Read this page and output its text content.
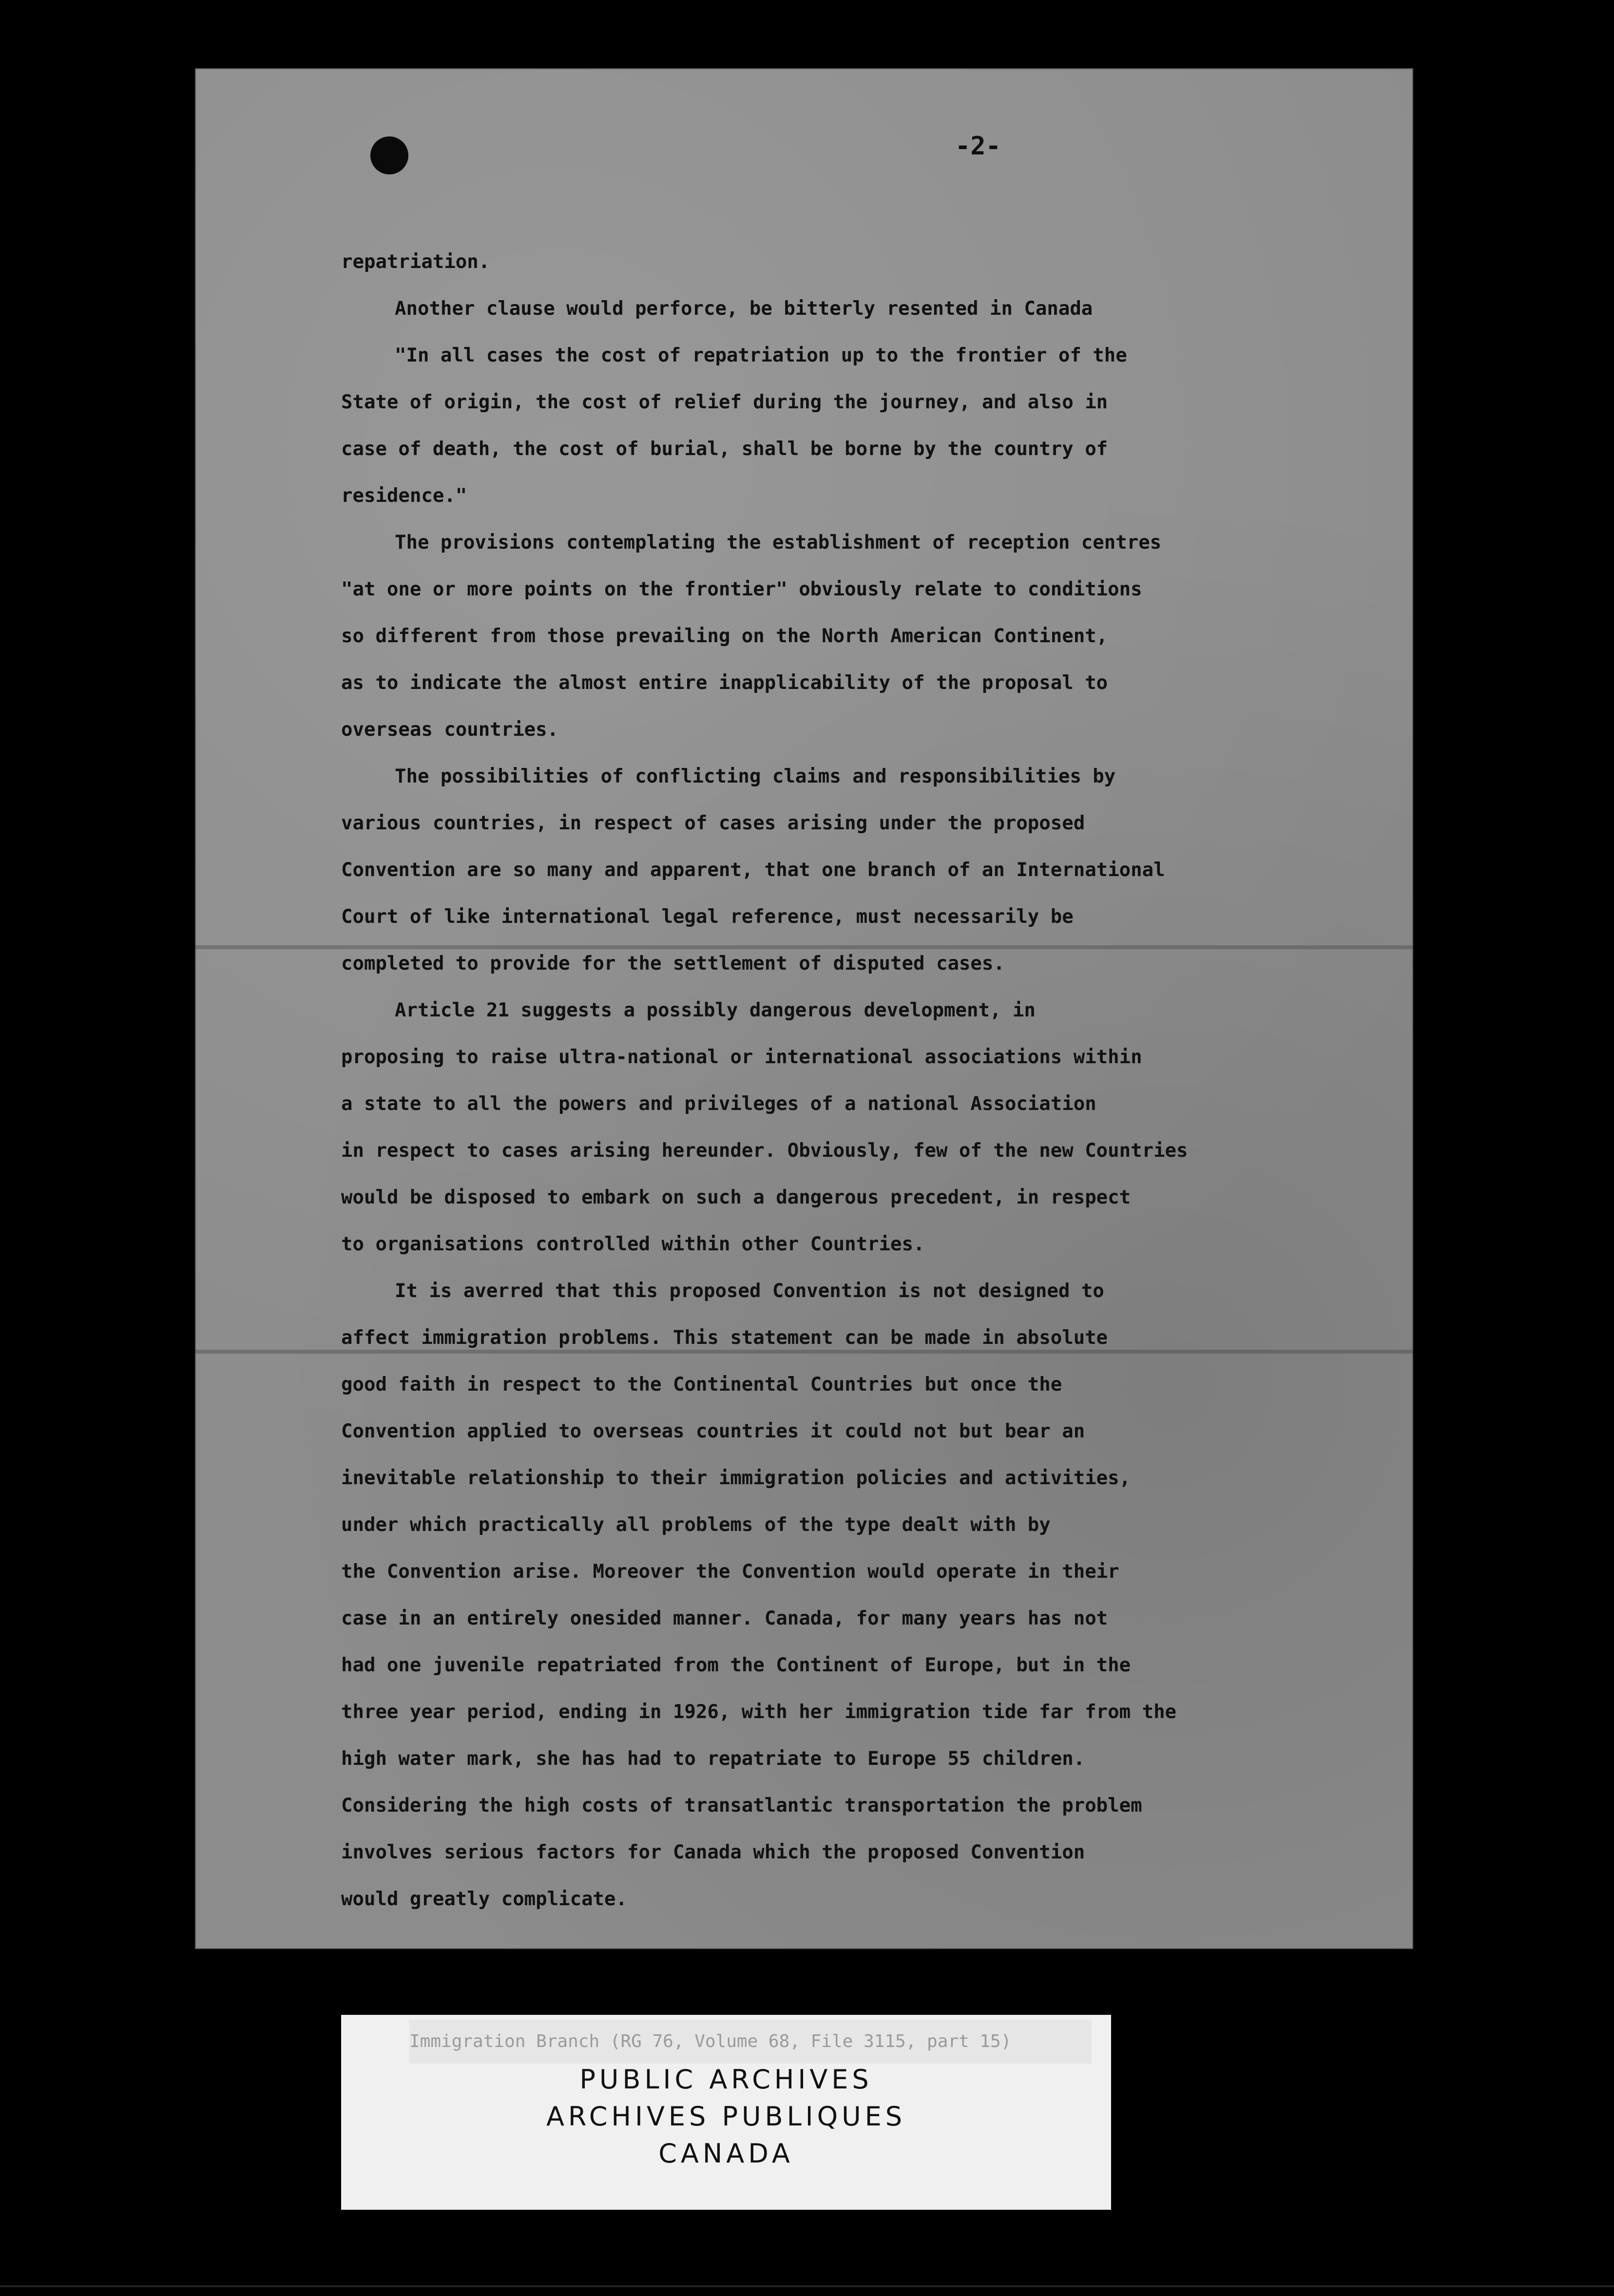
-2-

repatriation.

Another clause would perforce, be bitterly resented in Canada

"In all cases the cost of repatriation up to the frontier of the

State of origin, the cost of relief during the journey, and also in

case of death, the cost of burial, shall be borne by the country of

residence."

The provisions contemplating the establishment of reception centres

"at one or more points on the frontier" obviously relate to conditions

so different from those prevailing on the North American Continent,

as to indicate the almost entire inapplicability of the proposal to

overseas countries.

The possibilities of conflicting claims and responsibilities by

various countries, in respect of cases arising under the proposed

Convention are so many and apparent, that one branch of an International

Court of like international legal reference, must necessarily be

completed to provide for the settlement of disputed cases.

Article 21 suggests a possibly dangerous development, in

proposing to raise ultra-national or international associations within

a state to all the powers and privileges of a national Association

in respect to cases arising hereunder. Obviously, few of the new Countries

would be disposed to embark on such a dangerous precedent, in respect

to organisations controlled within other Countries.

It is averred that this proposed Convention is not designed to

affect immigration problems. This statement can be made in absolute

good faith in respect to the Continental Countries but once the

Convention applied to overseas countries it could not but bear an

inevitable relationship to their immigration policies and activities,

under which practically all problems of the type dealt with by

the Convention arise. Moreover the Convention would operate in their

case in an entirely onesided manner. Canada, for many years has not

had one juvenile repatriated from the Continent of Europe, but in the

three year period, ending in 1926, with her immigration tide far from the

high water mark, she has had to repatriate to Europe 55 children.

Considering the high costs of transatlantic transportation the problem

involves serious factors for Canada which the proposed Convention

would greatly complicate.

Immigration Branch (RG 76, Volume 68, File 3115, part 15)
PUBLIC ARCHIVES
ARCHIVES PUBLIQUES
CANADA
